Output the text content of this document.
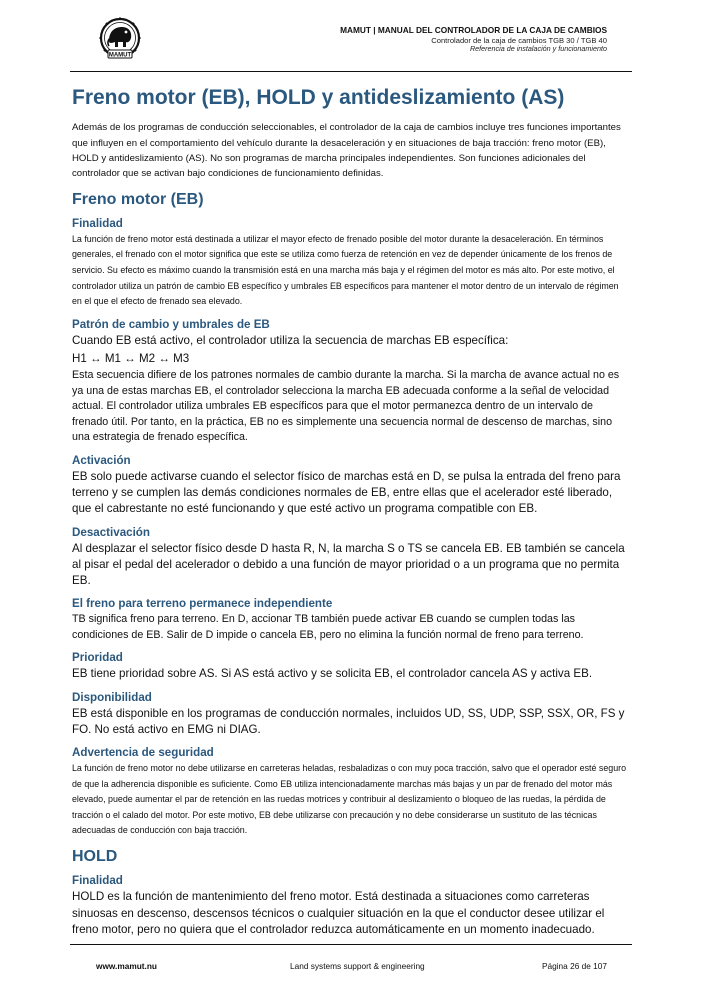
MAMUT
MAMUT | MANUAL DEL CONTROLADOR DE LA CAJA DE CAMBIOS
Controlador de la caja de cambios TGB 30 / TGB 40
Referencia de instalación y funcionamiento
Freno motor (EB), HOLD y antideslizamiento (AS)

Además de los programas de conducción seleccionables, el controlador de la caja de cambios incluye tres funciones importantes que influyen en el comportamiento del vehículo durante la desaceleración y en situaciones de baja tracción: freno motor (EB), HOLD y antideslizamiento (AS). No son programas de marcha principales independientes. Son funciones adicionales del controlador que se activan bajo condiciones de funcionamiento definidas.

Freno motor (EB)
Finalidad

La función de freno motor está destinada a utilizar el mayor efecto de frenado posible del motor durante la desaceleración. En términos generales, el frenado con el motor significa que este se utiliza como fuerza de retención en vez de depender únicamente de los frenos de servicio. Su efecto es máximo cuando la transmisión está en una marcha más baja y el régimen del motor es más alto. Por este motivo, el controlador utiliza un patrón de cambio EB específico y umbrales EB específicos para mantener el motor dentro de un intervalo de régimen en el que el efecto de frenado sea elevado.

Patrón de cambio y umbrales de EB

Cuando EB está activo, el controlador utiliza la secuencia de marchas EB específica:

H1 ↔ M1 ↔ M2 ↔ M3

Esta secuencia difiere de los patrones normales de cambio durante la marcha. Si la marcha de avance actual no es ya una de estas marchas EB, el controlador selecciona la marcha EB adecuada conforme a la señal de velocidad actual. El controlador utiliza umbrales EB específicos para que el motor permanezca dentro de un intervalo de frenado útil. Por tanto, en la práctica, EB no es simplemente una secuencia normal de descenso de marchas, sino una estrategia de frenado específica.

Activación

EB solo puede activarse cuando el selector físico de marchas está en D, se pulsa la entrada del freno para terreno y se cumplen las demás condiciones normales de EB, entre ellas que el acelerador esté liberado, que el cabrestante no esté funcionando y que esté activo un programa compatible con EB.

Desactivación

Al desplazar el selector físico desde D hasta R, N, la marcha S o TS se cancela EB. EB también se cancela al pisar el pedal del acelerador o debido a una función de mayor prioridad o a un programa que no permita EB.

El freno para terreno permanece independiente

TB significa freno para terreno. En D, accionar TB también puede activar EB cuando se cumplen todas las condiciones de EB. Salir de D impide o cancela EB, pero no elimina la función normal de freno para terreno.

Prioridad

EB tiene prioridad sobre AS. Si AS está activo y se solicita EB, el controlador cancela AS y activa EB.

Disponibilidad

EB está disponible en los programas de conducción normales, incluidos UD, SS, UDP, SSP, SSX, OR, FS y FO. No está activo en EMG ni DIAG.

Advertencia de seguridad

La función de freno motor no debe utilizarse en carreteras heladas, resbaladizas o con muy poca tracción, salvo que el operador esté seguro de que la adherencia disponible es suficiente. Como EB utiliza intencionadamente marchas más bajas y un par de frenado del motor más elevado, puede aumentar el par de retención en las ruedas motrices y contribuir al deslizamiento o bloqueo de las ruedas, la pérdida de tracción o el calado del motor. Por este motivo, EB debe utilizarse con precaución y no debe considerarse un sustituto de las técnicas adecuadas de conducción con baja tracción.

HOLD
Finalidad

HOLD es la función de mantenimiento del freno motor. Está destinada a situaciones como carreteras sinuosas en descenso, descensos técnicos o cualquier situación en la que el conductor desee utilizar el freno motor, pero no quiera que el controlador reduzca automáticamente en un momento inadecuado.

www.mamut.nu	Land systems support & engineering	Página 26 de 107
